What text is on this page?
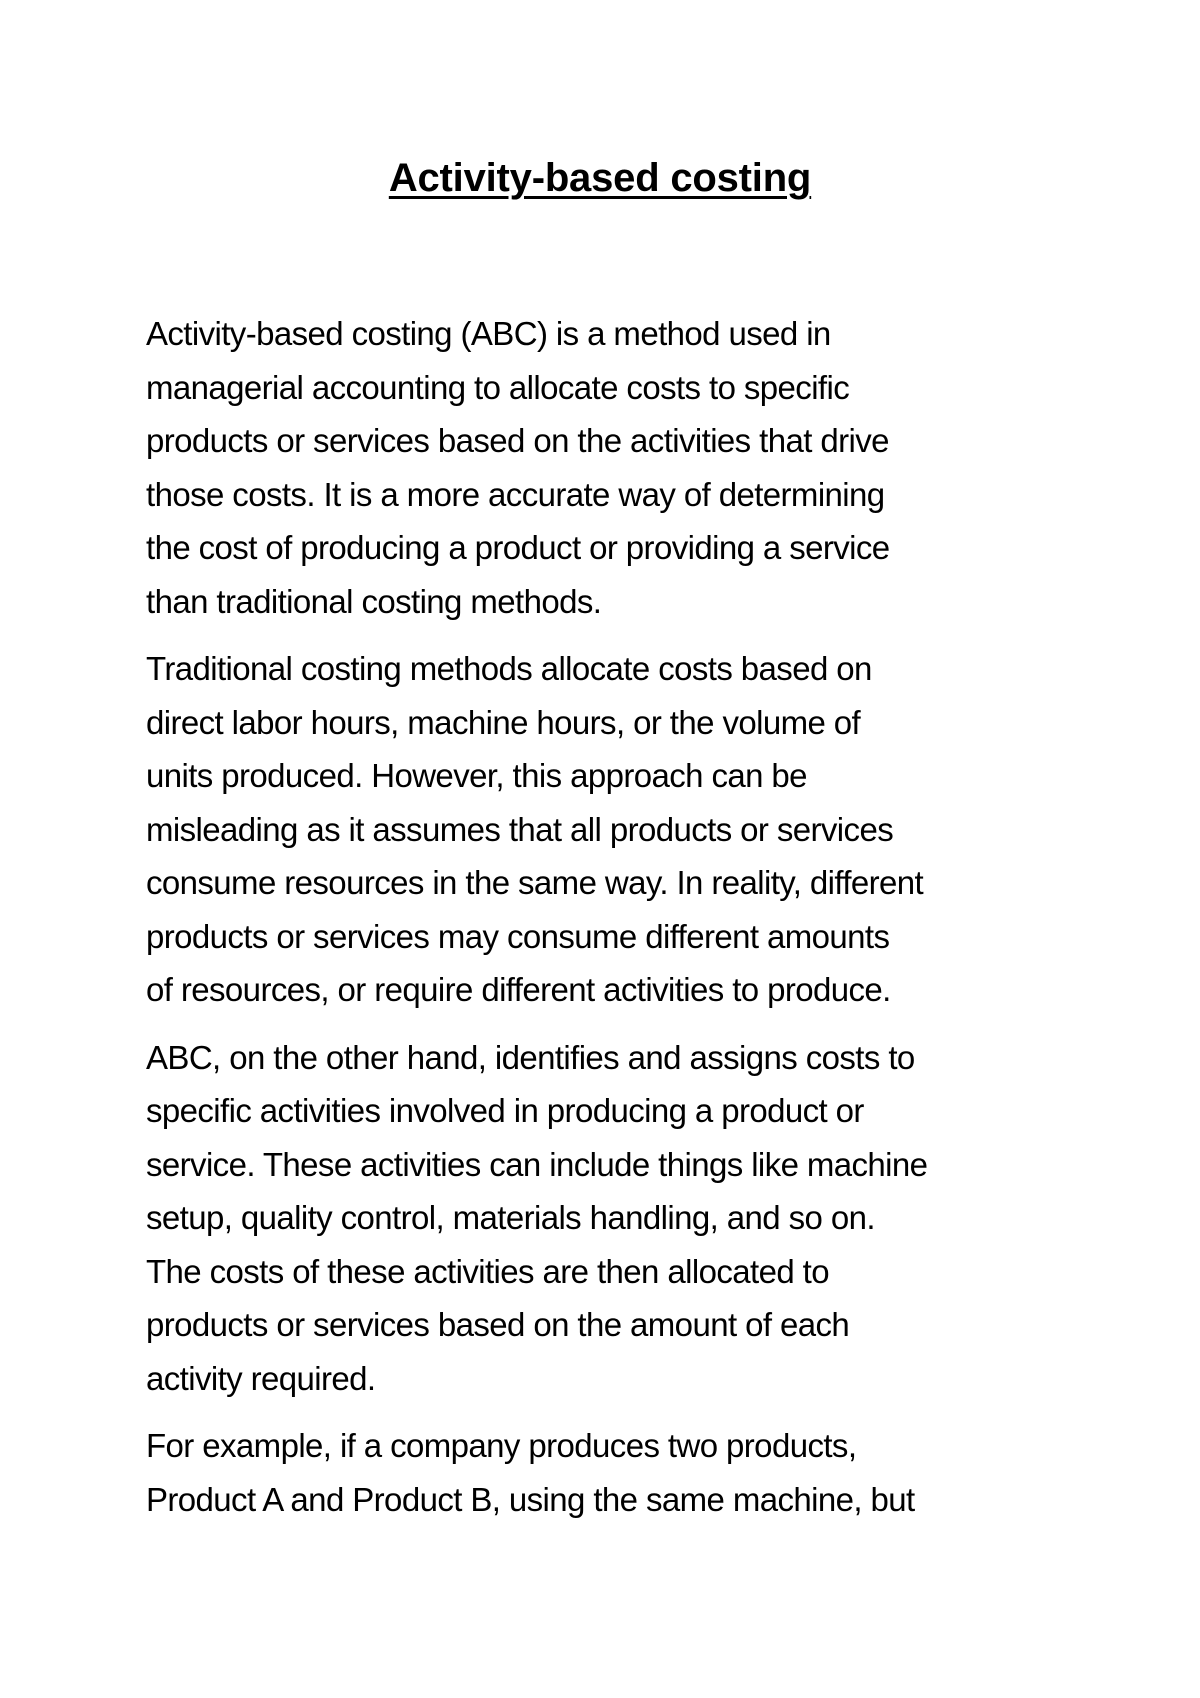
Activity-based costing

Activity-based costing (ABC) is a method used in
managerial accounting to allocate costs to specific
products or services based on the activities that drive
those costs. It is a more accurate way of determining
the cost of producing a product or providing a service
than traditional costing methods.

Traditional costing methods allocate costs based on
direct labor hours, machine hours, or the volume of
units produced. However, this approach can be
misleading as it assumes that all products or services
consume resources in the same way. In reality, different
products or services may consume different amounts
of resources, or require different activities to produce.

ABC, on the other hand, identifies and assigns costs to
specific activities involved in producing a product or
service. These activities can include things like machine
setup, quality control, materials handling, and so on.
The costs of these activities are then allocated to
products or services based on the amount of each
activity required.

For example, if a company produces two products,
Product A and Product B, using the same machine, but
